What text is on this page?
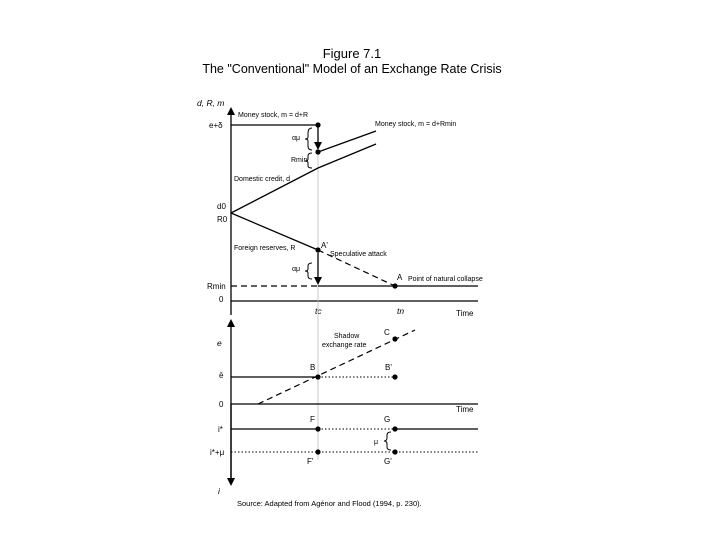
Figure 7.1
The "Conventional" Model of an Exchange Rate Crisis
d, R, m
Time
e+δ
d0
R0
Rmin
0
tc	tn
Money stock, m = d+R
Money stock, m = d+Rmin
αμ
Rmin
Domestic credit, d
Foreign reserves, R	A'
Speculative attack
αμ
A Point of natural collapse
e
i
ē
B	B'
C
Shadow
exchange rate
0
Time
i*
F	G
μ
i*+μ
F'	G'
Source: Adapted from Agénor and Flood (1994, p. 230).
